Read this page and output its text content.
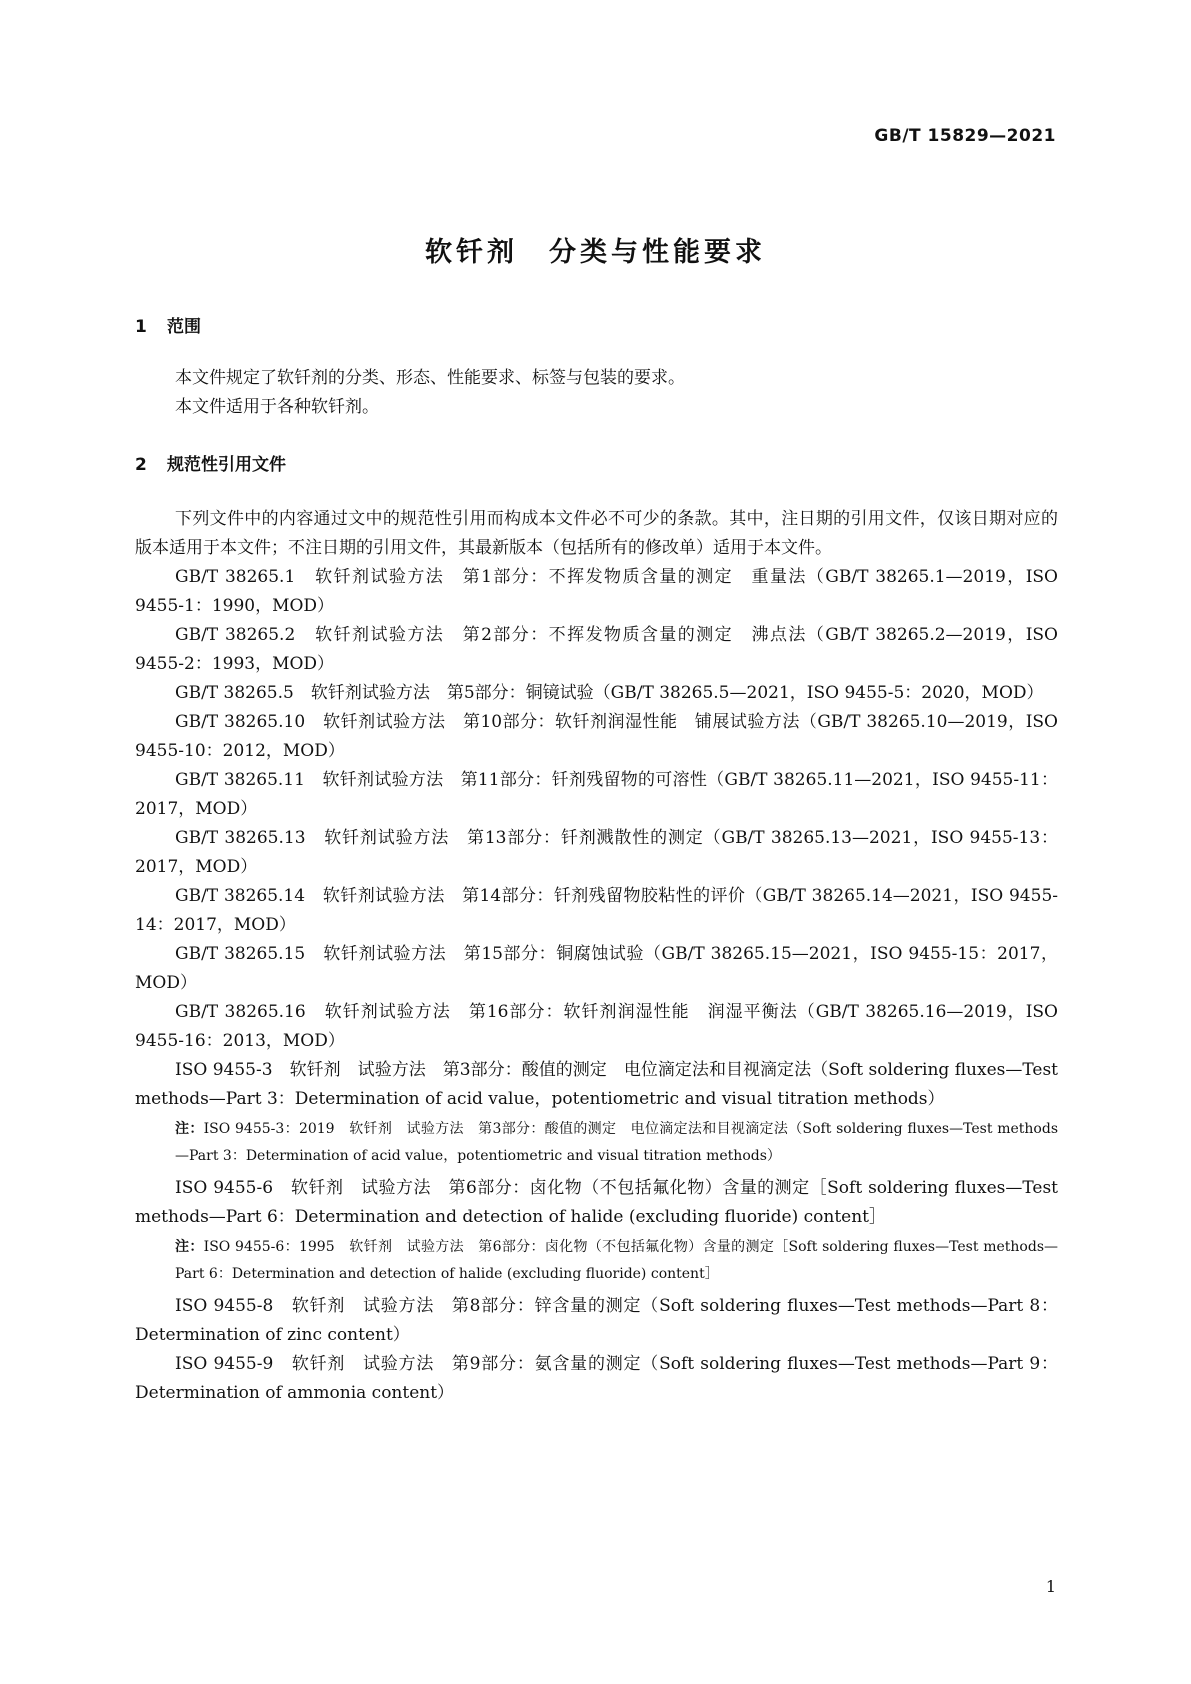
GB/T 15829—2021
软钎剂　分类与性能要求
1 范围

本文件规定了软钎剂的分类、形态、性能要求、标签与包装的要求。

本文件适用于各种软钎剂。

2 规范性引用文件

下列文件中的内容通过文中的规范性引用而构成本文件必不可少的条款。其中，注日期的引用文件，仅该日期对应的版本适用于本文件；不注日期的引用文件，其最新版本（包括所有的修改单）适用于本文件。

GB/T 38265.1　软钎剂试验方法　第1部分：不挥发物质含量的测定　重量法（GB/T 38265.1—2019，ISO 9455-1：1990，MOD）

GB/T 38265.2　软钎剂试验方法　第2部分：不挥发物质含量的测定　沸点法（GB/T 38265.2—2019，ISO 9455-2：1993，MOD）

GB/T 38265.5　软钎剂试验方法　第5部分：铜镜试验（GB/T 38265.5—2021，ISO 9455-5：2020，MOD）

GB/T 38265.10　软钎剂试验方法　第10部分：软钎剂润湿性能　铺展试验方法（GB/T 38265.10—2019，ISO 9455-10：2012，MOD）

GB/T 38265.11　软钎剂试验方法　第11部分：钎剂残留物的可溶性（GB/T 38265.11—2021，ISO 9455-11：2017，MOD）

GB/T 38265.13　软钎剂试验方法　第13部分：钎剂溅散性的测定（GB/T 38265.13—2021，ISO 9455-13：2017，MOD）

GB/T 38265.14　软钎剂试验方法　第14部分：钎剂残留物胶粘性的评价（GB/T 38265.14—2021，ISO 9455-14：2017，MOD）

GB/T 38265.15　软钎剂试验方法　第15部分：铜腐蚀试验（GB/T 38265.15—2021，ISO 9455-15：2017，MOD）

GB/T 38265.16　软钎剂试验方法　第16部分：软钎剂润湿性能　润湿平衡法（GB/T 38265.16—2019，ISO 9455-16：2013，MOD）

ISO 9455-3　软钎剂　试验方法　第3部分：酸值的测定　电位滴定法和目视滴定法（Soft soldering fluxes—Test methods—Part 3：Determination of acid value，potentiometric and visual titration methods）

注：ISO 9455-3：2019　软钎剂　试验方法　第3部分：酸值的测定　电位滴定法和目视滴定法（Soft soldering fluxes—Test methods—Part 3：Determination of acid value，potentiometric and visual titration methods）

ISO 9455-6　软钎剂　试验方法　第6部分：卤化物（不包括氟化物）含量的测定［Soft soldering fluxes—Test methods—Part 6：Determination and detection of halide (excluding fluoride) content］

注：ISO 9455-6：1995　软钎剂　试验方法　第6部分：卤化物（不包括氟化物）含量的测定［Soft soldering fluxes—Test methods—Part 6：Determination and detection of halide (excluding fluoride) content］

ISO 9455-8　软钎剂　试验方法　第8部分：锌含量的测定（Soft soldering fluxes—Test methods—Part 8：Determination of zinc content）

ISO 9455-9　软钎剂　试验方法　第9部分：氨含量的测定（Soft soldering fluxes—Test methods—Part 9：Determination of ammonia content）

1
